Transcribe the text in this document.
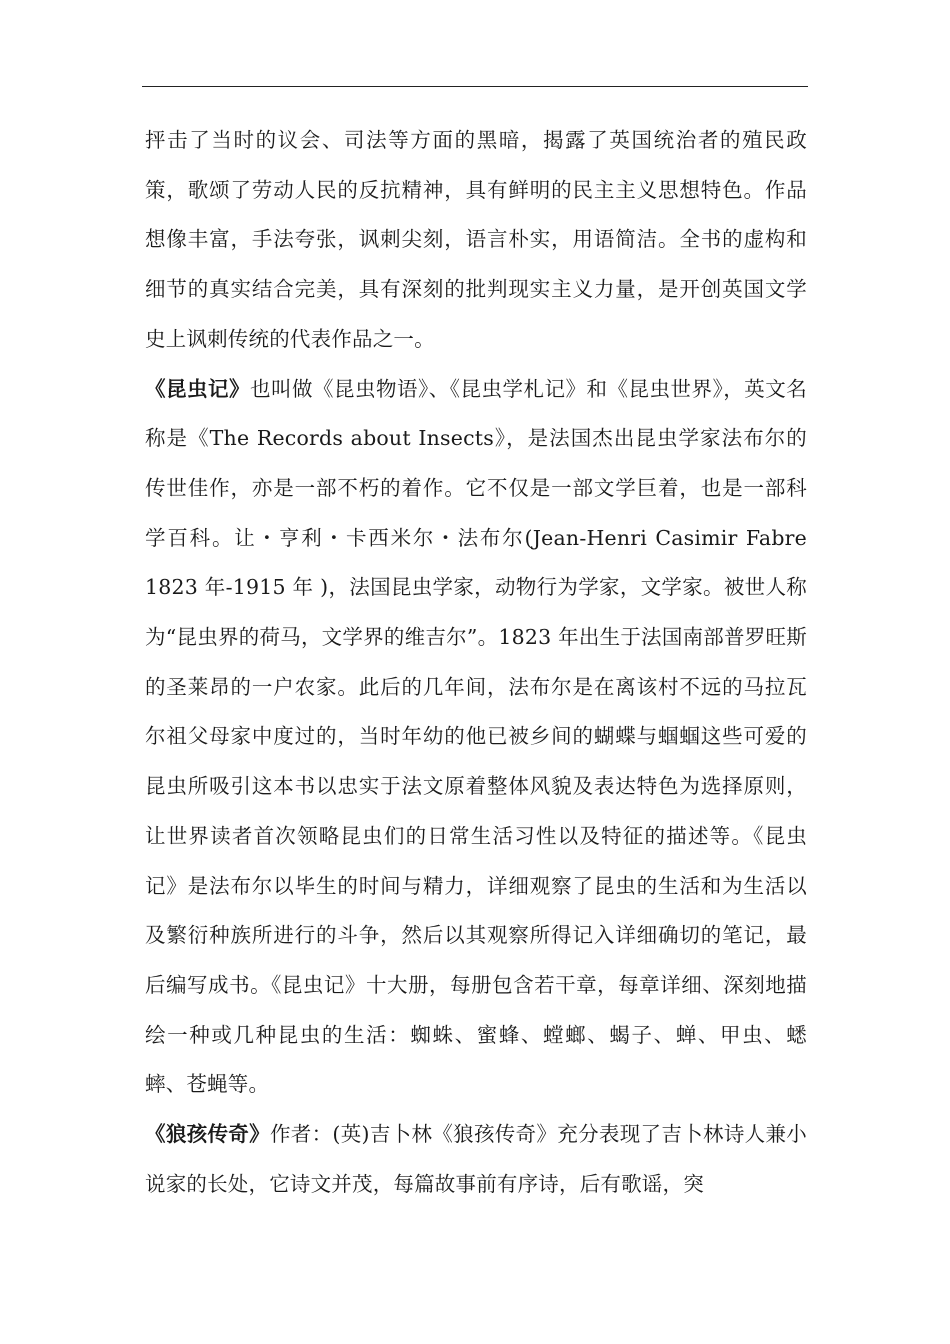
抨击了当时的议会、司法等方面的黑暗，揭露了英国统治者的殖民政策，歌颂了劳动人民的反抗精神，具有鲜明的民主主义思想特色。作品想像丰富，手法夸张，讽刺尖刻，语言朴实，用语简洁。全书的虚构和细节的真实结合完美，具有深刻的批判现实主义力量，是开创英国文学史上讽刺传统的代表作品之一。

《昆虫记》也叫做《昆虫物语》、《昆虫学札记》和《昆虫世界》，英文名称是《The Records about Insects》，是法国杰出昆虫学家法布尔的传世佳作，亦是一部不朽的着作。它不仅是一部文学巨着，也是一部科学百科。让・亨利・卡西米尔・法布尔(Jean-Henri Casimir Fabre 1823 年-1915 年 )，法国昆虫学家，动物行为学家，文学家。被世人称为“昆虫界的荷马，文学界的维吉尔”。1823 年出生于法国南部普罗旺斯的圣莱昂的一户农家。此后的几年间，法布尔是在离该村不远的马拉瓦尔祖父母家中度过的，当时年幼的他已被乡间的蝴蝶与蝈蝈这些可爱的昆虫所吸引这本书以忠实于法文原着整体风貌及表达特色为选择原则， 让世界读者首次领略昆虫们的日常生活习性以及特征的描述等。《昆虫记》是法布尔以毕生的时间与精力，详细观察了昆虫的生活和为生活以及繁衍种族所进行的斗争，然后以其观察所得记入详细确切的笔记，最后编写成书。《昆虫记》十大册，每册包含若干章，每章详细、深刻地描绘一种或几种昆虫的生活：蜘蛛、蜜蜂、螳螂、蝎子、蝉、甲虫、蟋蟀、苍蝇等。

《狼孩传奇》作者：(英)吉卜林《狼孩传奇》充分表现了吉卜林诗人兼小说家的长处，它诗文并茂，每篇故事前有序诗，后有歌谣，突
